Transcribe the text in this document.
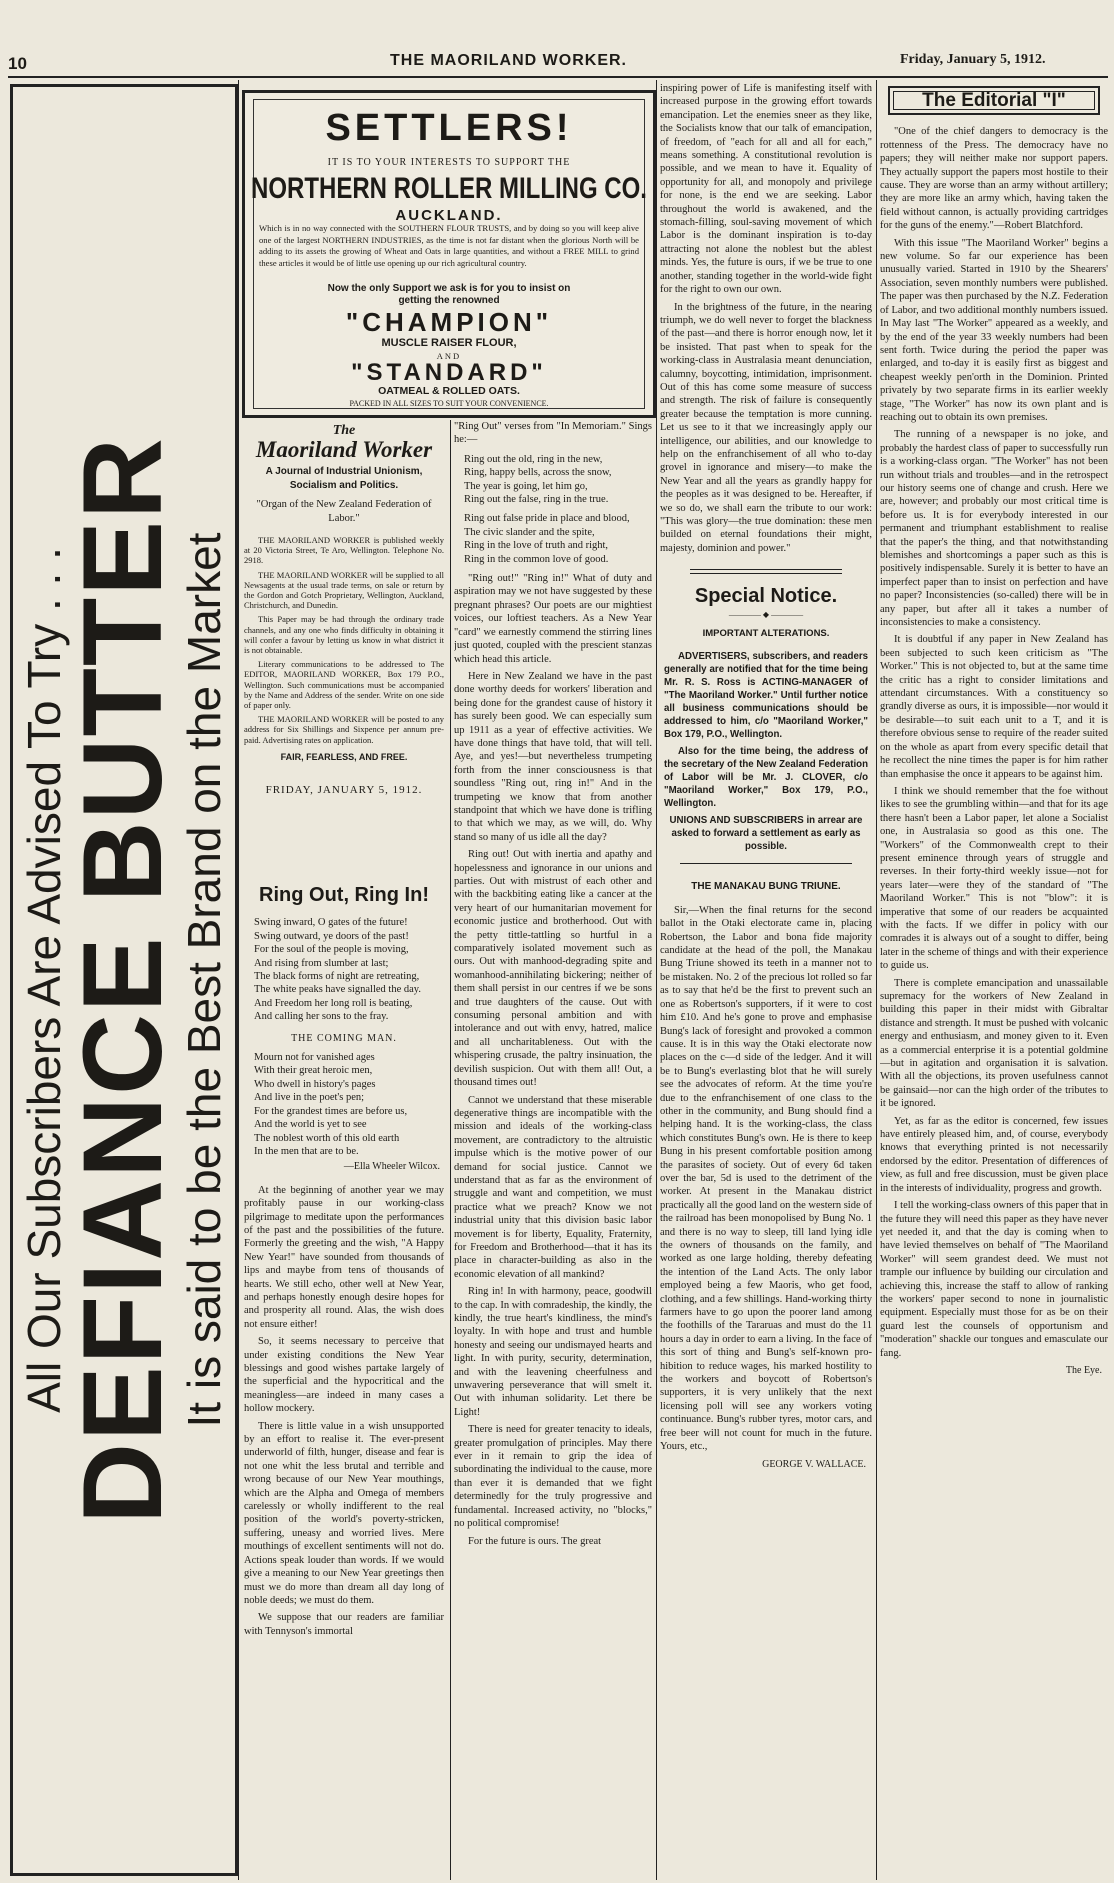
10	THE MAORILAND WORKER.	Friday, January 5, 1912.
All Our Subscribers Are Advised To Try . . .
DEFIANCE BUTTER
It is said to be the Best Brand on the Market
SETTLERS!
IT IS TO YOUR INTERESTS TO SUPPORT THE
NORTHERN ROLLER MILLING CO.
AUCKLAND.
Which is in no way connected with the SOUTHERN FLOUR TRUSTS, and by doing so you will keep alive one of the largest NORTHERN INDUSTRIES, as the time is not far distant when the glorious North will be adding to its assets the growing of Wheat and Oats in large quantities, and without a FREE MILL to grind these articles it would be of little use opening up our rich agricultural country.
Now the only Support we ask is for you to insist on getting the renowned
"CHAMPION"
MUSCLE RAISER FLOUR,
AND
"STANDARD"
OATMEAL & ROLLED OATS.
PACKED IN ALL SIZES TO SUIT YOUR CONVENIENCE.
The
Maoriland Worker
A Journal of Industrial Unionism,
Socialism and Politics.
"Organ of the New Zealand Federation of Labor."

THE MAORILAND WORKER is published weekly at 20 Victoria Street, Te Aro, Wellington. Telephone No. 2918.

THE MAORILAND WORKER will be supplied to all Newsagents at the usual trade terms, on sale or return by the Gordon and Gotch Proprietary, Wellington, Auckland, Christchurch, and Dunedin.

This Paper may be had through the ordinary trade channels, and any one who finds difficulty in obtaining it will confer a favour by letting us know in what district it is not obtainable.

Literary communications to be addressed to The EDITOR, MAORILAND WORKER, Box 179 P.O., Wellington. Such communications must be accompanied by the Name and Address of the sender. Write on one side of paper only.

THE MAORILAND WORKER will be posted to any address for Six Shillings and Sixpence per annum pre-paid. Advertising rates on application.

FAIR, FEARLESS, AND FREE.
FRIDAY, JANUARY 5, 1912.
Ring Out, Ring In!

Swing inward, O gates of the future!

Swing outward, ye doors of the past!

For the soul of the people is moving,

And rising from slumber at last;

The black forms of night are retreating,

The white peaks have signalled the day.

And Freedom her long roll is beating,

And calling her sons to the fray.

THE COMING MAN.

Mourn not for vanished ages

With their great heroic men,

Who dwell in history's pages

And live in the poet's pen;

For the grandest times are before us,

And the world is yet to see

The noblest worth of this old earth

In the men that are to be.

—Ella Wheeler Wilcox.

At the beginning of another year we may profitably pause in our working-class pilgrimage to meditate upon the performances of the past and the possibilities of the future. Formerly the greeting and the wish, "A Happy New Year!" have sounded from thousands of lips and maybe from tens of thousands of hearts. We still echo, other well at New Year, and perhaps honestly enough desire hopes for and prosperity all round. Alas, the wish does not ensure either!

So, it seems necessary to perceive that under existing conditions the New Year blessings and good wishes partake largely of the superficial and the hypocritical and the meaningless—are indeed in many cases a hollow mockery.

There is little value in a wish unsupported by an effort to realise it. The ever-present underworld of filth, hunger, disease and fear is not one whit the less brutal and terrible and wrong because of our New Year mouthings, which are the Alpha and Omega of members carelessly or wholly indifferent to the real position of the world's poverty-stricken, suffering, uneasy and worried lives. Mere mouthings of excellent sentiments will not do. Actions speak louder than words. If we would give a meaning to our New Year greetings then must we do more than dream all day long of noble deeds; we must do them.

We suppose that our readers are familiar with Tennyson's immortal

"Ring Out" verses from "In Memoriam." Sings he:—

Ring out the old, ring in the new,

Ring, happy bells, across the snow,

The year is going, let him go,

Ring out the false, ring in the true.

Ring out false pride in place and blood,

The civic slander and the spite,

Ring in the love of truth and right,

Ring in the common love of good.

"Ring out!" "Ring in!" What of duty and aspiration may we not have suggested by these pregnant phrases? Our poets are our mightiest voices, our loftiest teachers. As a New Year "card" we earnestly commend the stirring lines just quoted, coupled with the prescient stanzas which head this article.

Here in New Zealand we have in the past done worthy deeds for workers' liberation and being done for the grandest cause of history it has surely been good. We can especially sum up 1911 as a year of effective activities. We have done things that have told, that will tell. Aye, and yes!—but nevertheless trumpeting forth from the inner consciousness is that soundless "Ring out, ring in!" And in the trumpeting we know that from another standpoint that which we have done is trifling to that which we may, as we will, do. Why stand so many of us idle all the day?

Ring out! Out with inertia and apathy and hopelessness and ignorance in our unions and parties. Out with mistrust of each other and with the backbiting eating like a cancer at the very heart of our humanitarian movement for economic justice and brotherhood. Out with the petty tittle-tattling so hurtful in a comparatively isolated movement such as ours. Out with manhood-degrading spite and womanhood-annihilating bickering; neither of them shall persist in our centres if we be sons and true daughters of the cause. Out with consuming personal ambition and with intolerance and out with envy, hatred, malice and all uncharitableness. Out with the whispering crusade, the paltry insinuation, the devilish suspicion. Out with them all! Out, a thousand times out!

Cannot we understand that these miserable degenerative things are incompatible with the mission and ideals of the working-class movement, are contradictory to the altruistic impulse which is the motive power of our demand for social justice. Cannot we understand that as far as the environment of struggle and want and competition, we must practice what we preach? Know we not industrial unity that this division basic labor movement is for liberty, Equality, Fraternity, for Freedom and Brotherhood—that it has its place in character-building as also in the economic elevation of all mankind?

Ring in! In with harmony, peace, goodwill to the cap. In with comradeship, the kindly, the kindly, the true heart's kindliness, the mind's loyalty. In with hope and trust and humble honesty and seeing our undismayed hearts and light. In with purity, security, determination, and with the leavening cheerfulness and unwavering perseverance that will smelt it. Out with inhuman solidarity. Let there be Light!

There is need for greater tenacity to ideals, greater promulgation of principles. May there ever in it remain to grip the idea of subordinating the individual to the cause, more than ever it is demanded that we fight determinedly for the truly progressive and fundamental. Increased activity, no "blocks," no political compromise!

For the future is ours. The great

inspiring power of Life is manifesting itself with increased purpose in the growing effort towards emancipation. Let the enemies sneer as they like, the Socialists know that our talk of emancipation, of freedom, of "each for all and all for each," means something. A constitutional revolution is possible, and we mean to have it. Equality of opportunity for all, and monopoly and privilege for none, is the end we are seeking. Labor throughout the world is awakened, and the stomach-filling, soul-saving movement of which Labor is the dominant inspiration is to-day attracting not alone the noblest but the ablest minds. Yes, the future is ours, if we be true to one another, standing together in the world-wide fight for the right to own our own.

In the brightness of the future, in the nearing triumph, we do well never to forget the blackness of the past—and there is horror enough now, let it be insisted. That past when to speak for the working-class in Australasia meant denunciation, calumny, boycotting, intimidation, imprisonment. Out of this has come some measure of success and strength. The risk of failure is consequently greater because the temptation is more cunning. Let us see to it that we increasingly apply our intelligence, our abilities, and our knowledge to help on the enfranchisement of all who to-day grovel in ignorance and misery—to make the New Year and all the years as grandly happy for the peoples as it was designed to be. Hereafter, if we so do, we shall earn the tribute to our work: "This was glory—the true domination: these men builded on eternal foundations their might, majesty, dominion and power."

Special Notice.
———— ◆ ————
IMPORTANT ALTERATIONS.

ADVERTISERS, subscribers, and readers generally are notified that for the time being Mr. R. S. Ross is ACTING-MANAGER of "The Maoriland Worker." Until further notice all business communications should be addressed to him, c/o "Maoriland Worker," Box 179, P.O., Wellington.

Also for the time being, the address of the secretary of the New Zealand Federation of Labor will be Mr. J. CLOVER, c/o "Maoriland Worker," Box 179, P.O., Wellington.

UNIONS AND SUBSCRIBERS in arrear are asked to forward a settlement as early as possible.

THE MANAKAU BUNG TRIUNE.

Sir,—When the final returns for the second ballot in the Otaki electorate came in, placing Robertson, the Labor and bona fide majority candidate at the head of the poll, the Manakau Bung Triune showed its teeth in a manner not to be mistaken. No. 2 of the precious lot rolled so far as to say that he'd be the first to prevent such an one as Robertson's supporters, if it were to cost him £10. And he's gone to prove and emphasise Bung's lack of foresight and provoked a common cause. It is in this way the Otaki electorate now places on the c—d side of the ledger. And it will be to Bung's everlasting blot that he will surely see the advocates of reform. At the time you're due to the enfranchisement of one class to the other in the community, and Bung should find a helping hand. It is the working-class, the class which constitutes Bung's own. He is there to keep Bung in his present comfortable position among the parasites of society. Out of every 6d taken over the bar, 5d is used to the detriment of the worker. At present in the Manakau district practically all the good land on the western side of the railroad has been monopolised by Bung No. 1 and there is no way to sleep, till land lying idle the owners of thousands on the family, and worked as one large holding, thereby defeating the intention of the Land Acts. The only labor employed being a few Maoris, who get food, clothing, and a few shillings. Hand-working thirty farmers have to go upon the poorer land among the foothills of the Tararuas and must do the 11 hours a day in order to earn a living. In the face of this sort of thing and Bung's self-known pro-hibition to reduce wages, his marked hostility to the workers and boycott of Robertson's supporters, it is very unlikely that the next licensing poll will see any workers voting continuance. Bung's rubber tyres, motor cars, and free beer will not count for much in the future. Yours, etc.,

GEORGE V. WALLACE.
The Editorial "I"

"One of the chief dangers to democracy is the rottenness of the Press. The democracy have no papers; they will neither make nor support papers. They actually support the papers most hostile to their cause. They are worse than an army without artillery; they are more like an army which, having taken the field without cannon, is actually providing cartridges for the guns of the enemy."—Robert Blatchford.

With this issue "The Maoriland Worker" begins a new volume. So far our experience has been unusually varied. Started in 1910 by the Shearers' Association, seven monthly numbers were published. The paper was then purchased by the N.Z. Federation of Labor, and two additional monthly numbers issued. In May last "The Worker" appeared as a weekly, and by the end of the year 33 weekly numbers had been sent forth. Twice during the period the paper was enlarged, and to-day it is easily first as biggest and cheapest weekly pen'orth in the Dominion. Printed privately by two separate firms in its earlier weekly stage, "The Worker" has now its own plant and is reaching out to obtain its own premises.

The running of a newspaper is no joke, and probably the hardest class of paper to successfully run is a working-class organ. "The Worker" has not been run without trials and troubles—and in the retrospect our history seems one of change and crush. Here we are, however; and probably our most critical time is before us. It is for everybody interested in our permanent and triumphant establishment to realise that the paper's the thing, and that notwithstanding blemishes and shortcomings a paper such as this is positively indispensable. Surely it is better to have an imperfect paper than to insist on perfection and have no paper? Inconsistencies (so-called) there will be in any paper, but after all it takes a number of inconsistencies to make a consistency.

It is doubtful if any paper in New Zealand has been subjected to such keen criticism as "The Worker." This is not objected to, but at the same time the critic has a right to consider limitations and attendant circumstances. With a constituency so grandly diverse as ours, it is impossible—nor would it be desirable—to suit each unit to a T, and it is therefore obvious sense to require of the reader suited on the whole as apart from every specific detail that he recollect the nine times the paper is for him rather than emphasise the once it appears to be against him.

I think we should remember that the foe without likes to see the grumbling within—and that for its age there hasn't been a Labor paper, let alone a Socialist one, in Australasia so good as this one. The "Workers" of the Commonwealth crept to their present eminence through years of struggle and reverses. In their forty-third weekly issue—not for years later—were they of the standard of "The Maoriland Worker." This is not "blow": it is imperative that some of our readers be acquainted with the facts. If we differ in policy with our comrades it is always out of a sought to differ, being later in the scheme of things and with their experience to guide us.

There is complete emancipation and unassailable supremacy for the workers of New Zealand in building this paper in their midst with Gibraltar distance and strength. It must be pushed with volcanic energy and enthusiasm, and money given to it. Even as a commercial enterprise it is a potential goldmine—but in agitation and organisation it is salvation. With all the objections, its proven usefulness cannot be gainsaid—nor can the high order of the tributes to it be ignored.

Yet, as far as the editor is concerned, few issues have entirely pleased him, and, of course, everybody knows that everything printed is not necessarily endorsed by the editor. Presentation of differences of view, as full and free discussion, must be given place in the interests of individuality, progress and growth.

I tell the working-class owners of this paper that in the future they will need this paper as they have never yet needed it, and that the day is coming when to have levied themselves on behalf of "The Maoriland Worker" will seem grandest deed. We must not trample our influence by building our circulation and achieving this, increase the staff to allow of ranking the workers' paper second to none in journalistic equipment. Especially must those for as be on their guard lest the counsels of opportunism and "moderation" shackle our tongues and emasculate our fang.

The Eye.
